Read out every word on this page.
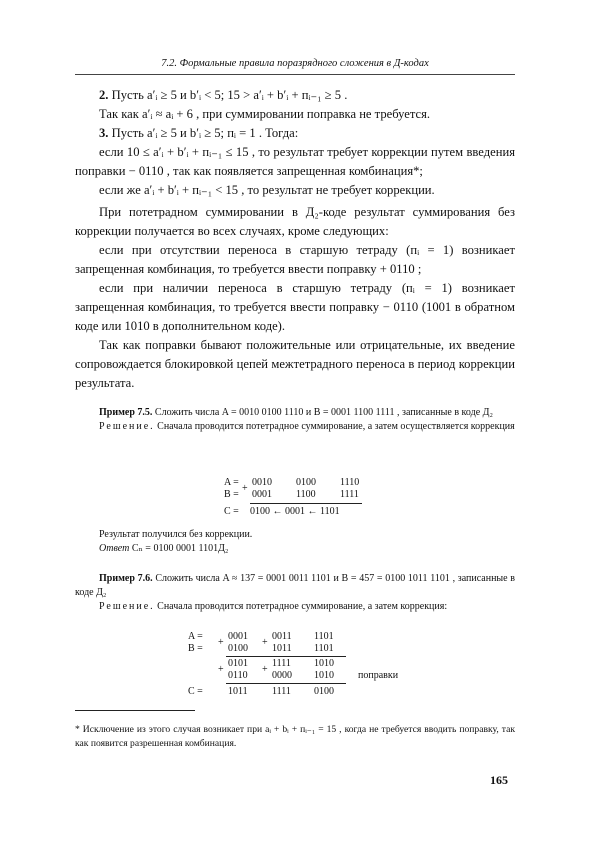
7.2. Формальные правила поразрядного сложения в Д-кодах

2. Пусть a′ᵢ ≥ 5 и b′ᵢ < 5; 15 > a′ᵢ + b′ᵢ + пᵢ₋₁ ≥ 5 .

Так как a′ᵢ ≈ aᵢ + 6 , при суммировании поправка не требуется.

3. Пусть a′ᵢ ≥ 5 и b′ᵢ ≥ 5; пᵢ = 1 . Тогда:

если 10 ≤ a′ᵢ + b′ᵢ + пᵢ₋₁ ≤ 15 , то результат требует коррекции путем введения поправки − 0110 , так как появляется запрещенная комбинация*;

если же a′ᵢ + b′ᵢ + пᵢ₋₁ < 15 , то результат не требует коррекции.

При потетрадном суммировании в Д₂-коде результат суммирования без коррекции получается во всех случаях, кроме следующих:

если при отсутствии переноса в старшую тетраду (пᵢ = 1) возникает запрещенная комбинация, то требуется ввести поправку + 0110 ;

если при наличии переноса в старшую тетраду (пᵢ = 1) возникает запрещенная комбинация, то требуется ввести поправку − 0110 (1001 в обратном коде или 1010 в дополнительном коде).

Так как поправки бывают положительные или отрицательные, их введение сопровождается блокировкой цепей межтетрадного переноса в период коррекции результата.

Пример 7.5. Сложить числа A = 0010 0100 1110 и B = 0001 1100 1111 , записанные в коде Д₂

Решение. Сначала проводится потетрадное суммирование, а затем осуществляется коррекция

A = 0010 0100 1110
+
B = 0001 1100 1111
C = 0100 ← 0001 ← 1101

Результат получился без коррекции.

Ответ Cₙ = 0100 0001 1101Д₂

Пример 7.6. Сложить числа A ≈ 137 = 0001 0011 1101 и B = 457 = 0100 1011 1101 , записанные в коде Д₂

Решение. Сначала проводится потетрадное суммирование, а затем коррекция:

A =	0001 0011 1101
+	+
B =	0100 1011 1101
0101 1111 1010
+	+
0110 0000 1010 поправки
C =	1011 1111 0100
* Исключение из этого случая возникает при aᵢ + bᵢ + пᵢ₋₁ = 15 , когда не требуется вводить поправку, так как появится разрешенная комбинация.
165
